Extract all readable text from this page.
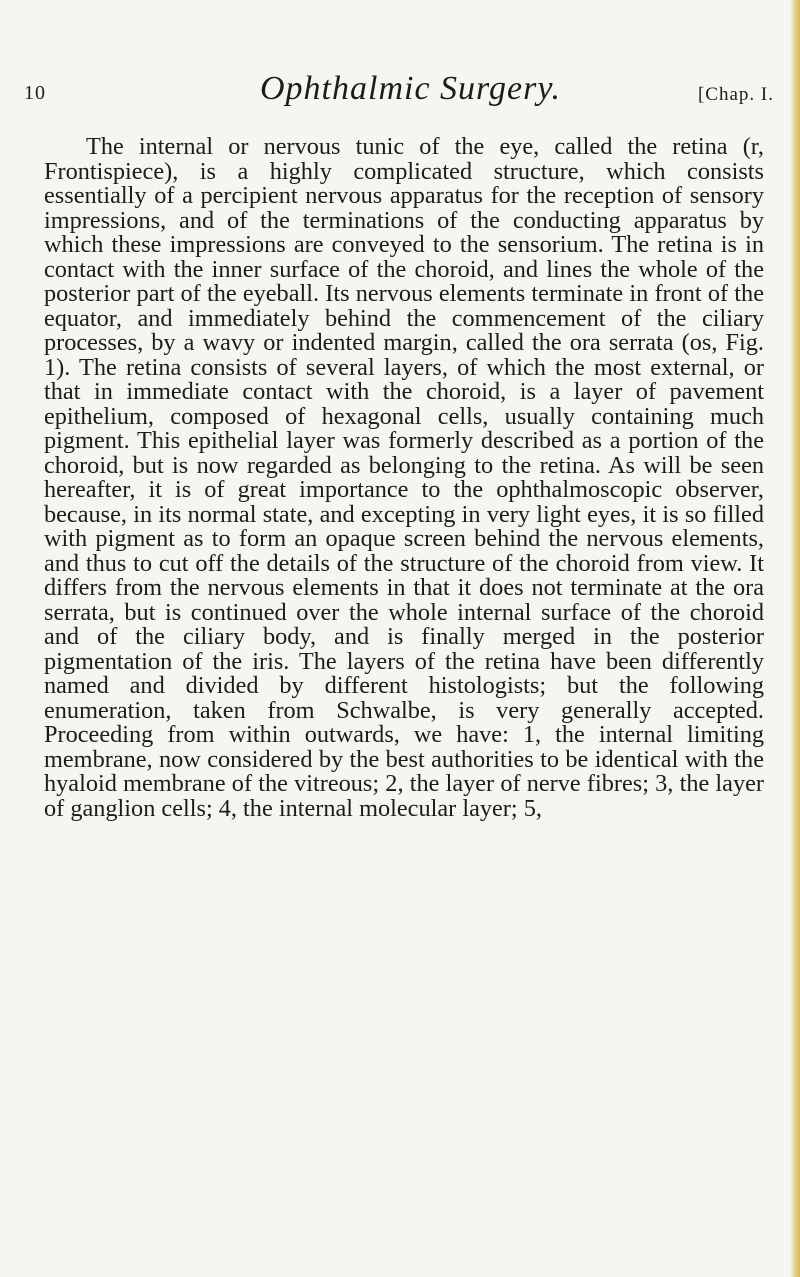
10	Ophthalmic Surgery.	[Chap. I.

The internal or nervous tunic of the eye, called the retina (r, Frontispiece), is a highly complicated structure, which consists essentially of a percipient nervous apparatus for the reception of sensory impressions, and of the terminations of the conducting apparatus by which these impressions are conveyed to the sensorium. The retina is in contact with the inner surface of the choroid, and lines the whole of the posterior part of the eyeball. Its nervous elements terminate in front of the equator, and immediately behind the commencement of the ciliary processes, by a wavy or indented margin, called the ora serrata (os, Fig. 1). The retina consists of several layers, of which the most external, or that in immediate contact with the choroid, is a layer of pavement epithelium, composed of hexagonal cells, usually containing much pigment. This epithelial layer was formerly described as a portion of the choroid, but is now regarded as belonging to the retina. As will be seen hereafter, it is of great importance to the ophthalmoscopic observer, because, in its normal state, and excepting in very light eyes, it is so filled with pigment as to form an opaque screen behind the nervous elements, and thus to cut off the details of the structure of the choroid from view. It differs from the nervous elements in that it does not terminate at the ora serrata, but is continued over the whole internal surface of the choroid and of the ciliary body, and is finally merged in the posterior pigmentation of the iris. The layers of the retina have been differently named and divided by different histologists; but the following enumeration, taken from Schwalbe, is very generally accepted. Proceeding from within outwards, we have: 1, the internal limiting membrane, now considered by the best authorities to be identical with the hyaloid membrane of the vitreous; 2, the layer of nerve fibres; 3, the layer of ganglion cells; 4, the internal molecular layer; 5,
